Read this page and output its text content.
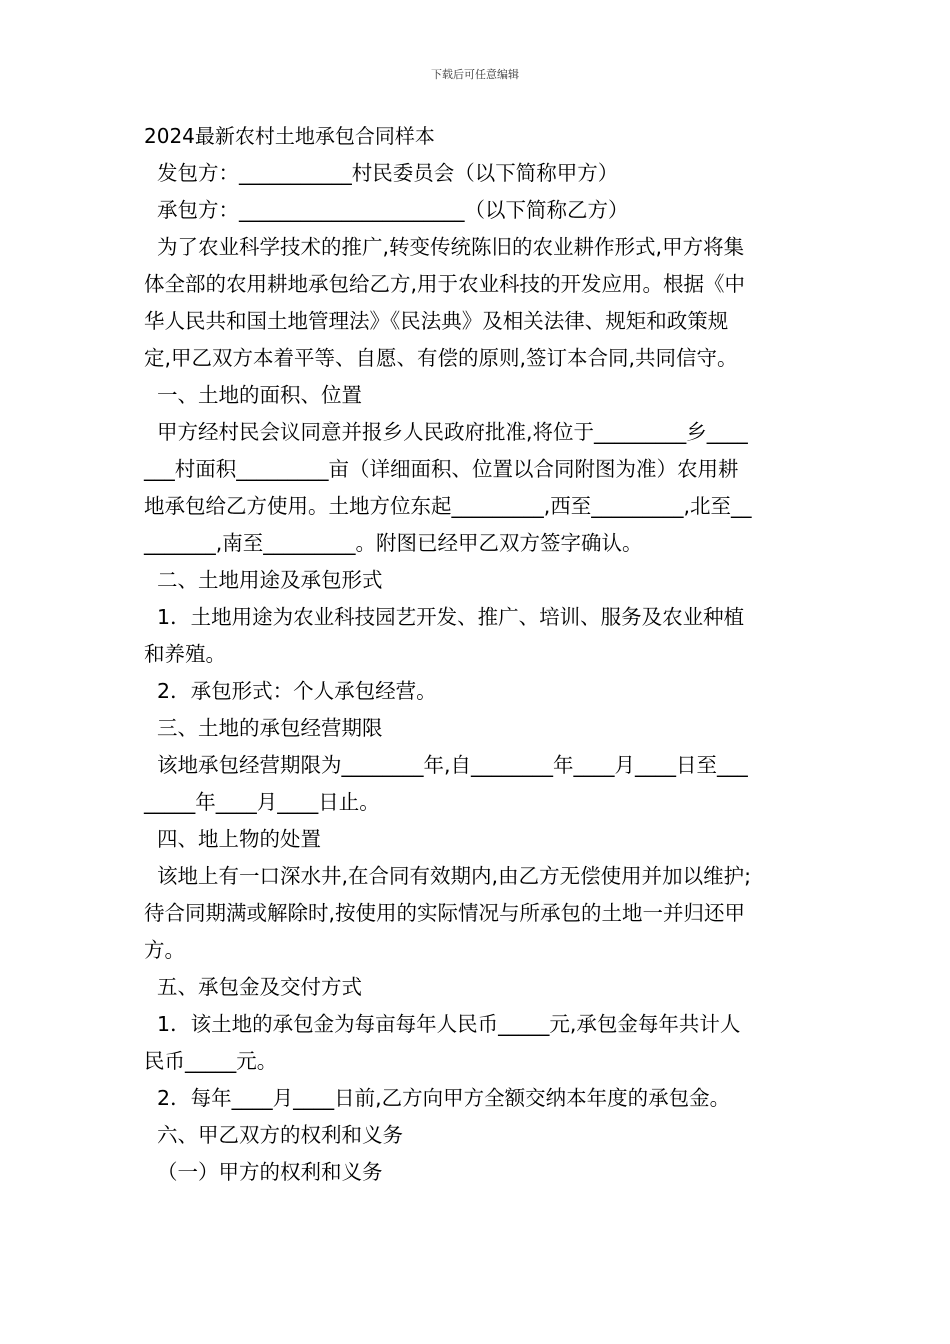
下载后可任意编辑
2024最新农村土地承包合同样本
发包方：___________村民委员会（以下简称甲方）
承包方：______________________（以下简称乙方）
为了农业科学技术的推广,转变传统陈旧的农业耕作形式,甲方将集
体全部的农用耕地承包给乙方,用于农业科技的开发应用。根据《中
华人民共和国土地管理法》《民法典》及相关法律、规矩和政策规
定,甲乙双方本着平等、自愿、有偿的原则,签订本合同,共同信守。
一、土地的面积、位置
甲方经村民会议同意并报乡人民政府批准,将位于_________乡____
___村面积_________亩（详细面积、位置以合同附图为准）农用耕
地承包给乙方使用。土地方位东起_________,西至_________,北至__
_______,南至_________。附图已经甲乙双方签字确认。
二、土地用途及承包形式
1．土地用途为农业科技园艺开发、推广、培训、服务及农业种植
和养殖。
2．承包形式：个人承包经营。
三、土地的承包经营期限
该地承包经营期限为________年,自________年____月____日至___
_____年____月____日止。
四、地上物的处置
该地上有一口深水井,在合同有效期内,由乙方无偿使用并加以维护;
待合同期满或解除时,按使用的实际情况与所承包的土地一并归还甲
方。
五、承包金及交付方式
1．该土地的承包金为每亩每年人民币_____元,承包金每年共计人
民币_____元。
2．每年____月____日前,乙方向甲方全额交纳本年度的承包金。
六、甲乙双方的权利和义务
（一）甲方的权利和义务
